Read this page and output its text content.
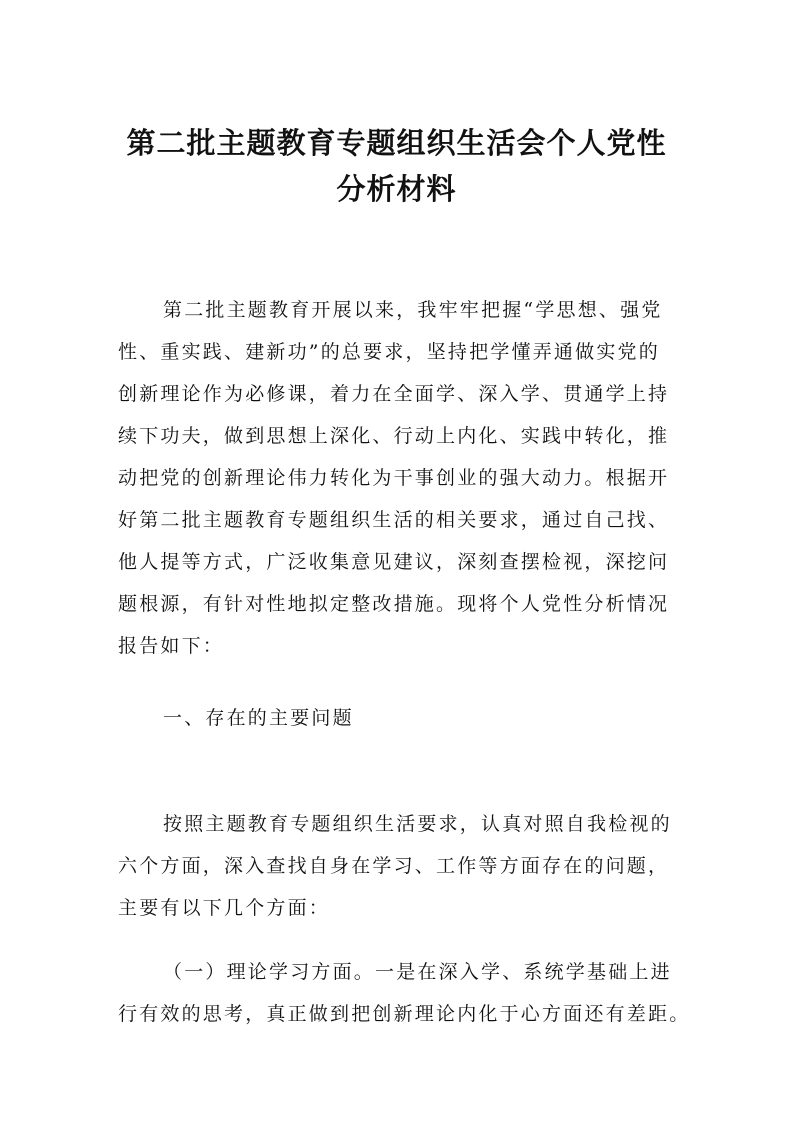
第二批主题教育专题组织生活会个人党性
分析材料
第二批主题教育开展以来，我牢牢把握“学思想、强党
性、重实践、建新功”的总要求，坚持把学懂弄通做实党的
创新理论作为必修课，着力在全面学、深入学、贯通学上持
续下功夫，做到思想上深化、行动上内化、实践中转化，推
动把党的创新理论伟力转化为干事创业的强大动力。根据开
好第二批主题教育专题组织生活的相关要求，通过自己找、
他人提等方式，广泛收集意见建议，深刻查摆检视，深挖问
题根源，有针对性地拟定整改措施。现将个人党性分析情况
报告如下：
一、存在的主要问题
按照主题教育专题组织生活要求，认真对照自我检视的
六个方面，深入查找自身在学习、工作等方面存在的问题，
主要有以下几个方面：
（一）理论学习方面。一是在深入学、系统学基础上进
行有效的思考，真正做到把创新理论内化于心方面还有差距。
